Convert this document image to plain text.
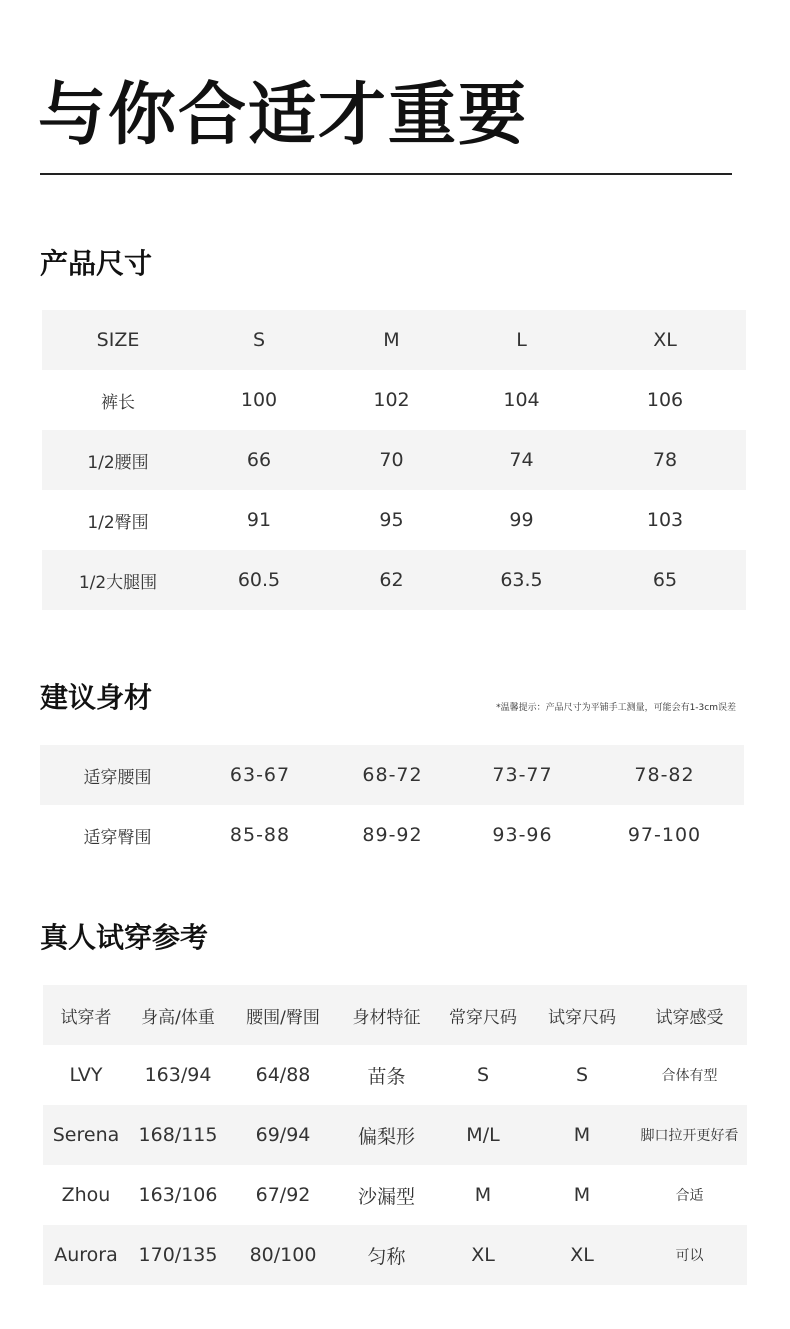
与你合适才重要
产品尺寸
SIZE	S	M	L	XL
裤长	100	102	104	106
1/2腰围	66	70	74	78
1/2臀围	91	95	99	103
1/2大腿围	60.5	62	63.5	65
建议身材	*温馨提示：产品尺寸为平铺手工测量，可能会有1-3cm误差
适穿腰围	63-67	68-72	73-77	78-82
适穿臀围	85-88	89-92	93-96	97-100
真人试穿参考
试穿者	身高/体重	腰围/臀围	身材特征	常穿尺码	试穿尺码	试穿感受
LVY	163/94	64/88	苗条	S	S	合体有型
Serena	168/115	69/94	偏梨形	M/L	M	脚口拉开更好看
Zhou	163/106	67/92	沙漏型	M	M	合适
Aurora	170/135	80/100	匀称	XL	XL	可以
